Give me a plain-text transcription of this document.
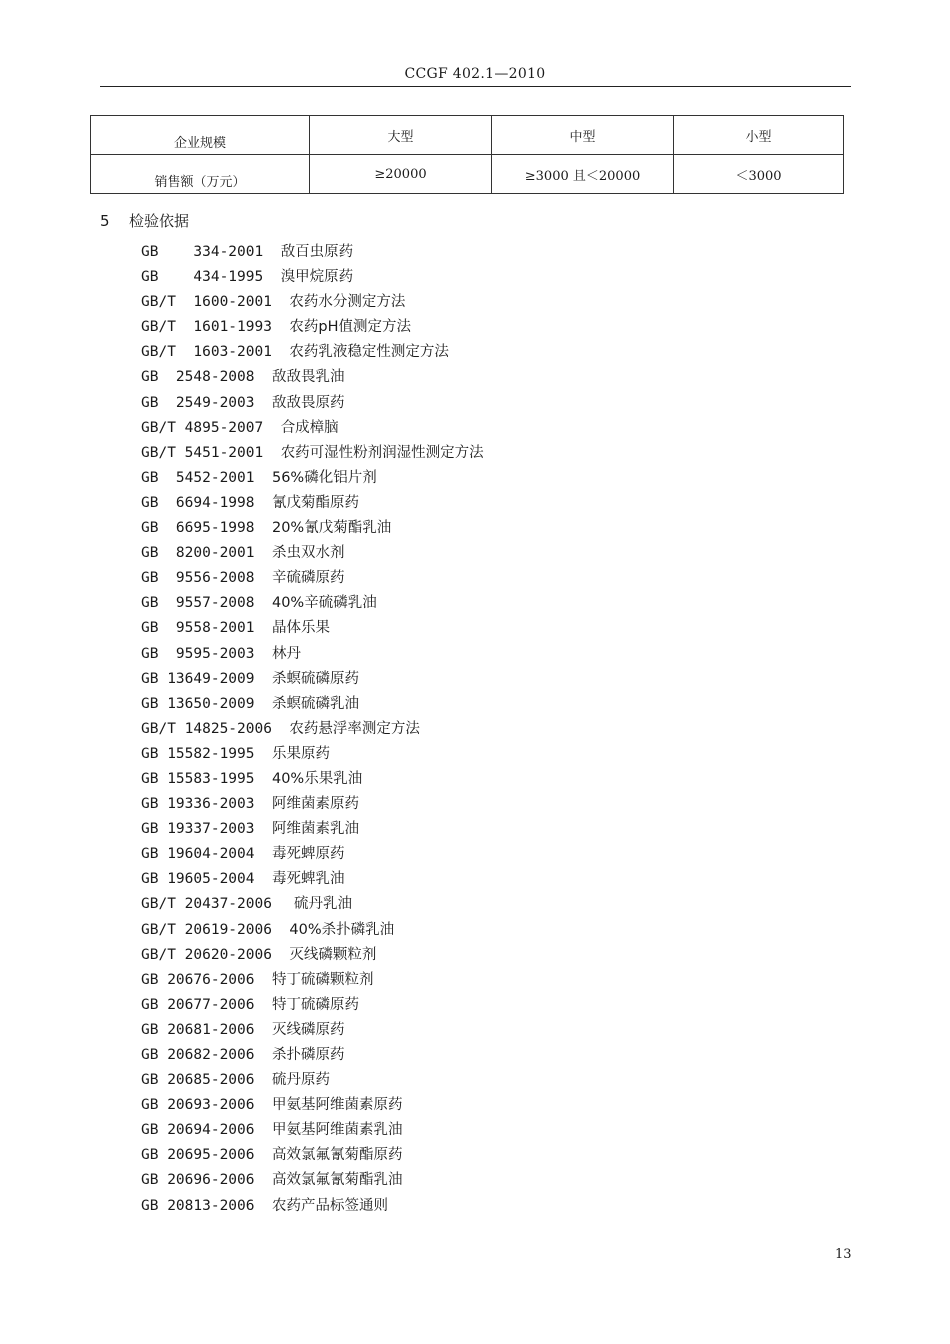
CCGF 402.1—2010
企业规模	大型	中型	小型
销售额（万元）	≥20000	≥3000 且＜20000	＜3000
5 检验依据
GB    334-2001 敌百虫原药
GB    434-1995 溴甲烷原药
GB/T  1600-2001 农药水分测定方法
GB/T  1601-1993 农药pH值测定方法
GB/T  1603-2001 农药乳液稳定性测定方法
GB  2548-2008 敌敌畏乳油
GB  2549-2003 敌敌畏原药
GB/T 4895-2007 合成樟脑
GB/T 5451-2001 农药可湿性粉剂润湿性测定方法
GB  5452-2001 56%磷化铝片剂
GB  6694-1998 氰戊菊酯原药
GB  6695-1998 20%氰戊菊酯乳油
GB  8200-2001 杀虫双水剂
GB  9556-2008 辛硫磷原药
GB  9557-2008 40%辛硫磷乳油
GB  9558-2001 晶体乐果
GB  9595-2003 林丹
GB 13649-2009 杀螟硫磷原药
GB 13650-2009 杀螟硫磷乳油
GB/T 14825-2006 农药悬浮率测定方法
GB 15582-1995 乐果原药
GB 15583-1995 40%乐果乳油
GB 19336-2003 阿维菌素原药
GB 19337-2003 阿维菌素乳油
GB 19604-2004 毒死蜱原药
GB 19605-2004 毒死蜱乳油
GB/T 20437-2006   硫丹乳油
GB/T 20619-2006 40%杀扑磷乳油
GB/T 20620-2006 灭线磷颗粒剂
GB 20676-2006 特丁硫磷颗粒剂
GB 20677-2006 特丁硫磷原药
GB 20681-2006 灭线磷原药
GB 20682-2006 杀扑磷原药
GB 20685-2006 硫丹原药
GB 20693-2006 甲氨基阿维菌素原药
GB 20694-2006 甲氨基阿维菌素乳油
GB 20695-2006 高效氯氟氰菊酯原药
GB 20696-2006 高效氯氟氰菊酯乳油
GB 20813-2006 农药产品标签通则
13
